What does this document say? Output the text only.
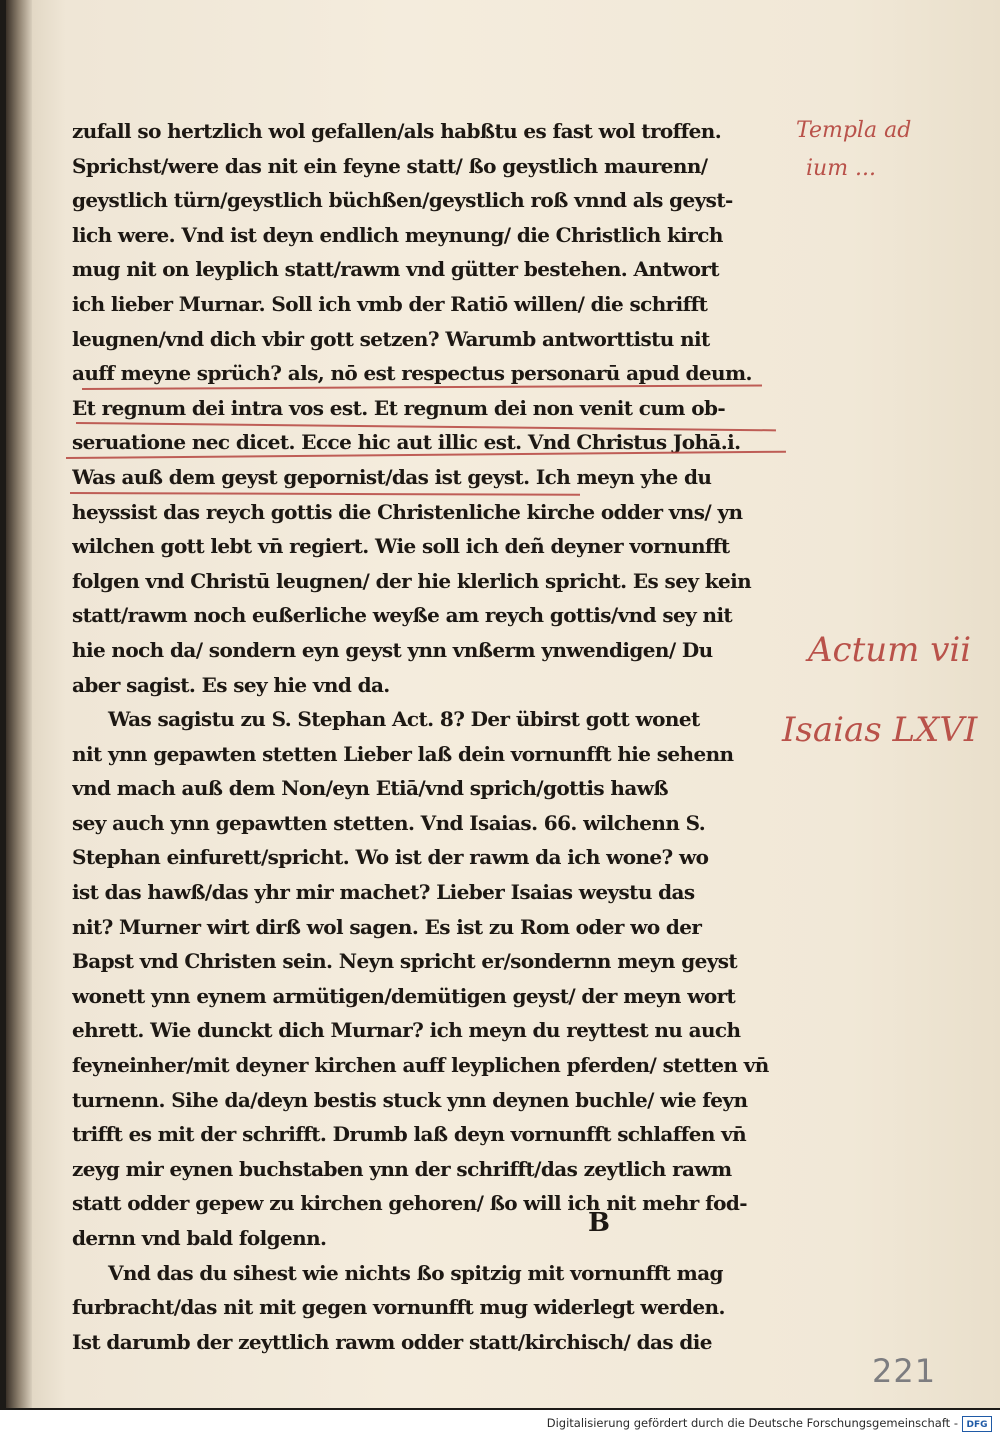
zufall so hertzlich wol gefallen/als habßtu es fast wol troffen.
Sprichst/were das nit ein feyne statt/ ßo geystlich maurenn/
geystlich türn/geystlich büchßen/geystlich roß vnnd als geyst-
lich were. Vnd ist deyn endlich meynung/ die Christlich kirch
mug nit on leyplich statt/rawm vnd gütter bestehen. Antwort
ich lieber Murnar. Soll ich vmb der Ratiō willen/ die schrifft
leugnen/vnd dich vbir gott setzen? Warumb antworttistu nit
auff meyne sprüch? als, nō est respectus personarū apud deum.
Et regnum dei intra vos est. Et regnum dei non venit cum ob-
seruatione nec dicet. Ecce hic aut illic est. Vnd Christus Johā.i.
Was auß dem geyst gepornist/das ist geyst. Ich meyn yhe du
heyssist das reych gottis die Christenliche kirche odder vns/ yn
wilchen gott lebt vn̄ regiert. Wie soll ich deñ deyner vornunfft
folgen vnd Christū leugnen/ der hie klerlich spricht. Es sey kein
statt/rawm noch eußerliche weyße am reych gottis/vnd sey nit
hie noch da/ sondern eyn geyst ynn vnßerm ynwendigen/ Du
aber sagist. Es sey hie vnd da.
Was sagistu zu S. Stephan Act. 8? Der übirst gott wonet
nit ynn gepawten stetten Lieber laß dein vornunfft hie sehenn
vnd mach auß dem Non/eyn Etiā/vnd sprich/gottis hawß
sey auch ynn gepawtten stetten. Vnd Isaias. 66. wilchenn S.
Stephan einfurett/spricht. Wo ist der rawm da ich wone? wo
ist das hawß/das yhr mir machet? Lieber Isaias weystu das
nit? Murner wirt dirß wol sagen. Es ist zu Rom oder wo der
Bapst vnd Christen sein. Neyn spricht er/sondernn meyn geyst
wonett ynn eynem armütigen/demütigen geyst/ der meyn wort
ehrett. Wie dunckt dich Murnar? ich meyn du reyttest nu auch
feyneinher/mit deyner kirchen auff leyplichen pferden/ stetten vn̄
turnenn. Sihe da/deyn bestis stuck ynn deynen buchle/ wie feyn
trifft es mit der schrifft. Drumb laß deyn vornunfft schlaffen vn̄
zeyg mir eynen buchstaben ynn der schrifft/das zeytlich rawm
statt odder gepew zu kirchen gehoren/ ßo will ich nit mehr fod-
dernn vnd bald folgenn.
Vnd das du sihest wie nichts ßo spitzig mit vornunfft mag
furbracht/das nit mit gegen vornunfft mug widerlegt werden.
Ist darumb der zeyttlich rawm odder statt/kirchisch/ das die
B
Templa ad
ium ...
Actum vii
Isaias LXVI
221
Digitalisierung gefördert durch die Deutsche Forschungsgemeinschaft - DFG
